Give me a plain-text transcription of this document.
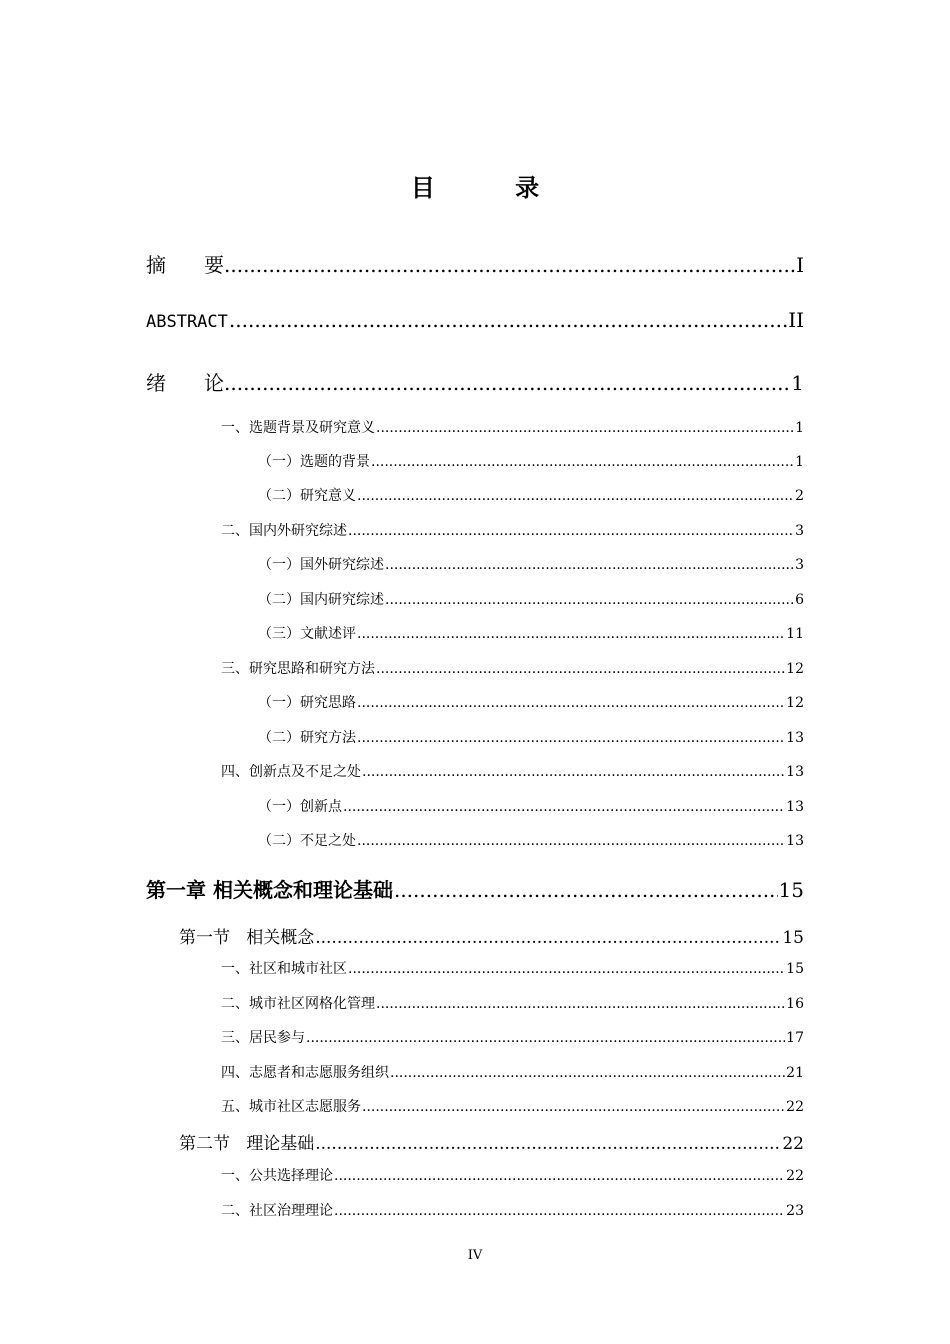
目 录
摘要 .....	I
ABSTRACT .....	II
绪论 .....	1
一、选题背景及研究意义 .....	1
（一）选题的背景 .....	1
（二）研究意义 .....	2
二、国内外研究综述 .....	3
（一）国外研究综述 .....	3
（二）国内研究综述 .....	6
（三）文献述评 .....	11
三、研究思路和研究方法 .....	12
（一）研究思路 .....	12
（二）研究方法 .....	13
四、创新点及不足之处 .....	13
（一）创新点 .....	13
（二）不足之处 .....	13
第一章 相关概念和理论基础 .....	15
第一节   相关概念 .....	15
一、社区和城市社区 .....	15
二、城市社区网格化管理 .....	16
三、居民参与 .....	17
四、志愿者和志愿服务组织 .....	21
五、城市社区志愿服务 .....	22
第二节   理论基础 .....	22
一、公共选择理论 .....	22
二、社区治理理论 .....	23
IV
